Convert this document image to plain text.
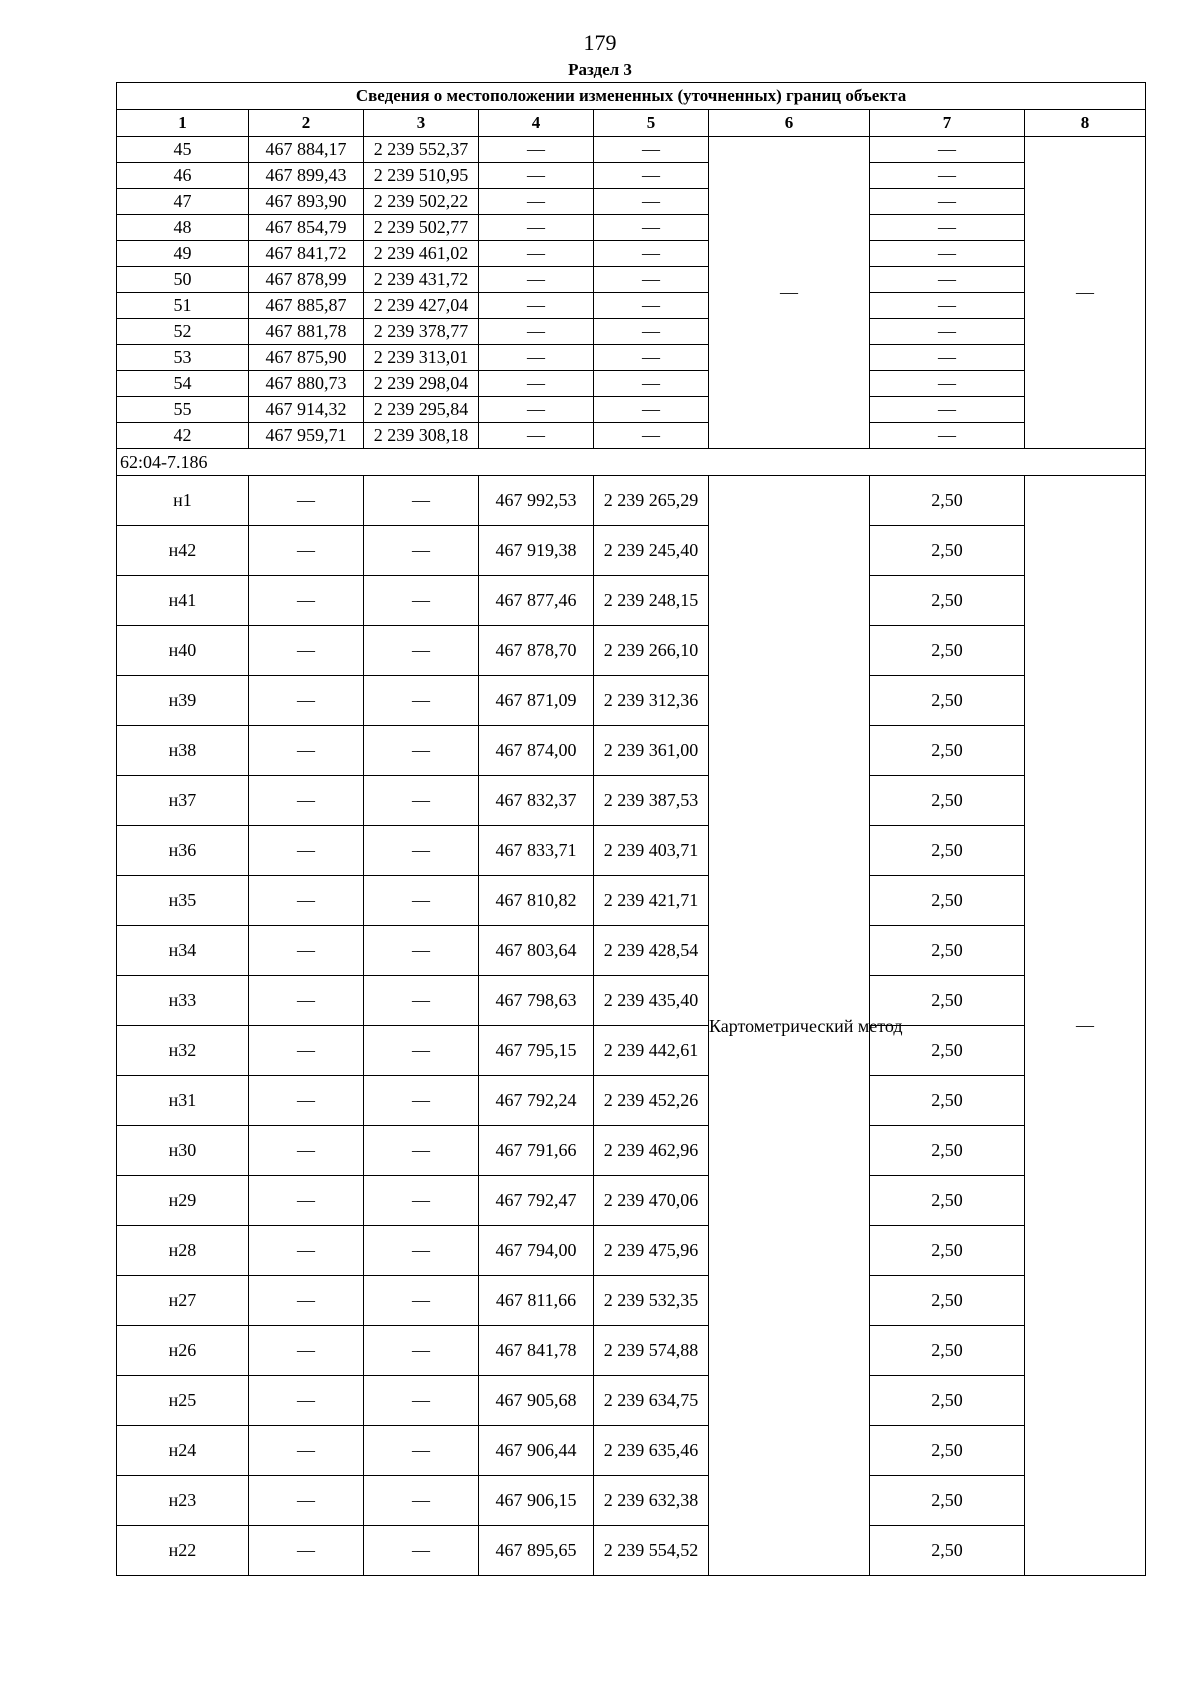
179
Раздел 3
Сведения о местоположении измененных (уточненных) границ объекта							
1	2	3	4	5	6	7	8
45	467 884,17	2 239 552,37	—	—	—	—	—
46	467 899,43	2 239 510,95	—	—		—	
47	467 893,90	2 239 502,22	—	—		—	
48	467 854,79	2 239 502,77	—	—		—	
49	467 841,72	2 239 461,02	—	—		—	
50	467 878,99	2 239 431,72	—	—		—	
51	467 885,87	2 239 427,04	—	—		—	
52	467 881,78	2 239 378,77	—	—		—	
53	467 875,90	2 239 313,01	—	—		—	
54	467 880,73	2 239 298,04	—	—		—	
55	467 914,32	2 239 295,84	—	—		—	
42	467 959,71	2 239 308,18	—	—		—	
62:04-7.186							
н1	—	—	467 992,53	2 239 265,29	Картометрический метод	2,50	—
н42	—	—	467 919,38	2 239 245,40		2,50	
н41	—	—	467 877,46	2 239 248,15		2,50	
н40	—	—	467 878,70	2 239 266,10		2,50	
н39	—	—	467 871,09	2 239 312,36		2,50	
н38	—	—	467 874,00	2 239 361,00		2,50	
н37	—	—	467 832,37	2 239 387,53		2,50	
н36	—	—	467 833,71	2 239 403,71		2,50	
н35	—	—	467 810,82	2 239 421,71		2,50	
н34	—	—	467 803,64	2 239 428,54		2,50	
н33	—	—	467 798,63	2 239 435,40		2,50	
н32	—	—	467 795,15	2 239 442,61		2,50	
н31	—	—	467 792,24	2 239 452,26		2,50	
н30	—	—	467 791,66	2 239 462,96		2,50	
н29	—	—	467 792,47	2 239 470,06		2,50	
н28	—	—	467 794,00	2 239 475,96		2,50	
н27	—	—	467 811,66	2 239 532,35		2,50	
н26	—	—	467 841,78	2 239 574,88		2,50	
н25	—	—	467 905,68	2 239 634,75		2,50	
н24	—	—	467 906,44	2 239 635,46		2,50	
н23	—	—	467 906,15	2 239 632,38		2,50	
н22	—	—	467 895,65	2 239 554,52		2,50	
